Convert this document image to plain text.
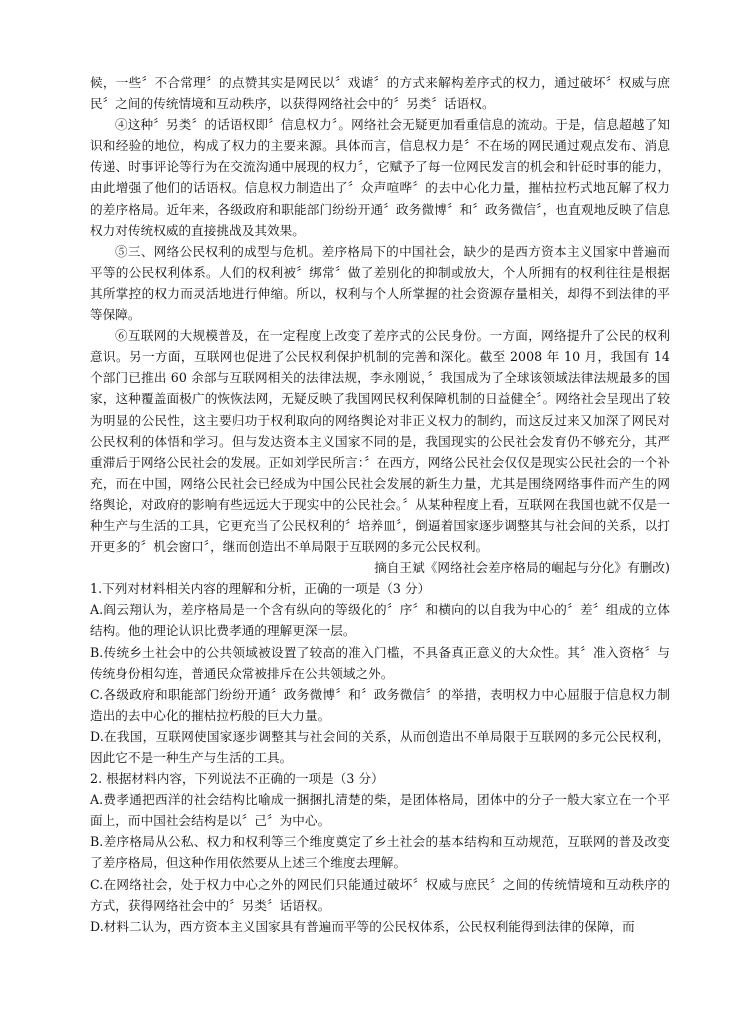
候，一些〞不合常理〞的点赞其实是网民以〞戏谑〞的方式来解构差序式的权力，通过破坏〞权威与庶民〞之间的传统情境和互动秩序，以获得网络社会中的〞另类〞话语权。

④这种〞另类〞的话语权即〞信息权力〞。网络社会无疑更加看重信息的流动。于是，信息超越了知识和经验的地位，构成了权力的主要来源。具体而言，信息权力是〞不在场的网民通过观点发布、消息传递、时事评论等行为在交流沟通中展现的权力〞，它赋予了每一位网民发言的机会和针砭时事的能力，由此增强了他们的话语权。信息权力制造出了〞众声喧哗〞的去中心化力量，摧枯拉朽式地瓦解了权力的差序格局。近年来，各级政府和职能部门纷纷开通〞政务微博〞和〞政务微信〞，也直观地反映了信息权力对传统权威的直接挑战及其效果。

⑤三、网络公民权利的成型与危机。差序格局下的中国社会，缺少的是西方资本主义国家中普遍而平等的公民权利体系。人们的权利被〞绑常〞做了差别化的抑制或放大，个人所拥有的权利往往是根据其所掌控的权力而灵活地进行伸缩。所以，权利与个人所掌握的社会资源存量相关，却得不到法律的平等保障。

⑥互联网的大规模普及，在一定程度上改变了差序式的公民身份。一方面，网络提升了公民的权利意识。另一方面，互联网也促进了公民权利保护机制的完善和深化。截至 2008 年 10 月，我国有 14 个部门已推出 60 余部与互联网相关的法律法规，李永刚说，〞我国成为了全球该领域法律法规最多的国家，这种覆盖面极广的恢恢法网，无疑反映了我国网民权利保障机制的日益健全〞。网络社会呈现出了较为明显的公民性，这主要归功于权利取向的网络舆论对非正义权力的制约，而这反过来又加深了网民对公民权利的体悟和学习。但与发达资本主义国家不同的是，我国现实的公民社会发育仍不够充分，其严重滞后于网络公民社会的发展。正如刘学民所言：〞在西方，网络公民社会仅仅是现实公民社会的一个补充，而在中国，网络公民社会已经成为中国公民社会发展的新生力量，尤其是围绕网络事件而产生的网络舆论，对政府的影响有些远远大于现实中的公民社会。〞从某种程度上看，互联网在我国也就不仅是一种生产与生活的工具，它更充当了公民权利的〞培养皿〞，倒逼着国家逐步调整其与社会间的关系，以打开更多的〞机会窗口〞，继而创造出不单局限于互联网的多元公民权利。

摘自王斌《网络社会差序格局的崛起与分化》有删改)

1.下列对材料相关内容的理解和分析，正确的一项是（3 分）

A.阎云翔认为，差序格局是一个含有纵向的等级化的〞序〞和横向的以自我为中心的〞差〞组成的立体结构。他的理论认识比费孝通的理解更深一层。

B.传统乡土社会中的公共领域被设置了较高的准入门槛，不具备真正意义的大众性。其〞准入资格〞与传统身份相勾连，普通民众常被排斥在公共领域之外。

C.各级政府和职能部门纷纷开通〞政务微博〞和〞政务微信〞的举措，表明权力中心屈服于信息权力制造出的去中心化的摧枯拉朽般的巨大力量。

D.在我国，互联网使国家逐步调整其与社会间的关系，从而创造出不单局限于互联网的多元公民权利，因此它不是一种生产与生活的工具。

2. 根据材料内容，下列说法不正确的一项是（3 分）

A.费孝通把西洋的社会结构比喻成一捆捆扎清楚的柴，是团体格局，团体中的分子一般大家立在一个平面上，而中国社会结构是以〞己〞为中心。

B.差序格局从公私、权力和权利等三个维度奠定了乡土社会的基本结构和互动规范，互联网的普及改变了差序格局，但这种作用依然要从上述三个维度去理解。

C.在网络社会，处于权力中心之外的网民们只能通过破坏〞权威与庶民〞之间的传统情境和互动秩序的方式，获得网络社会中的〞另类〞话语权。

D.材料二认为，西方资本主义国家具有普遍而平等的公民权体系，公民权利能得到法律的保障，而
